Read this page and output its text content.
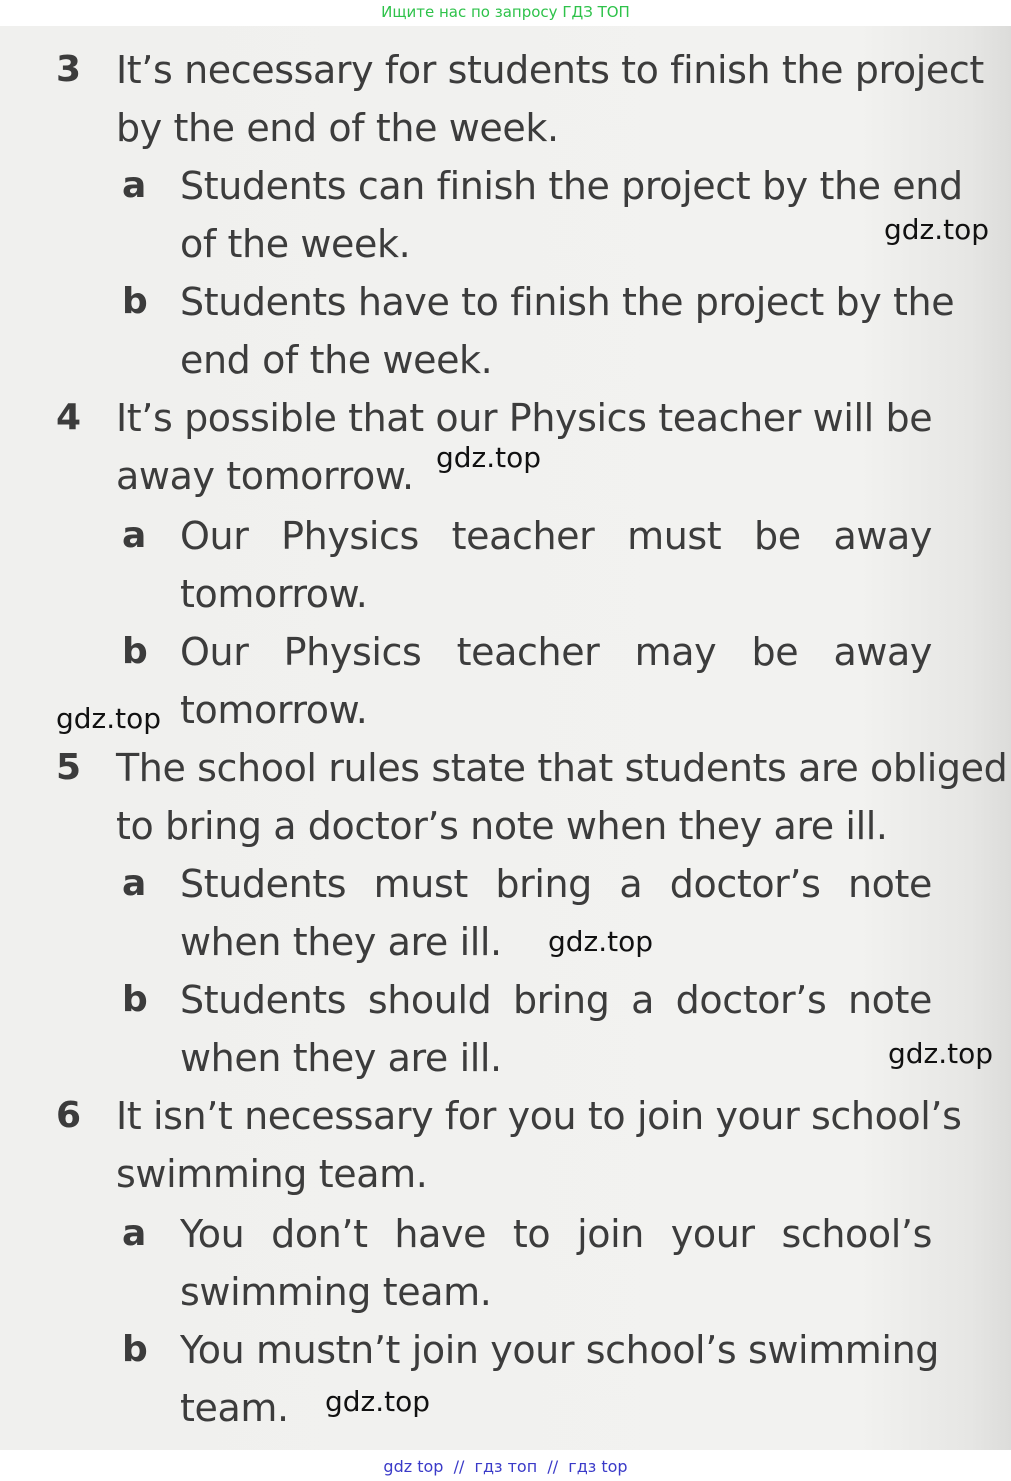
Ищите нас по запросу ГДЗ ТОП
3 It’s necessary for students to finish the project
by the end of the week.
a Students can finish the project by the end
of the week.
b Students have to finish the project by the
end of the week.
4 It’s possible that our Physics teacher will be
away tomorrow.
a Our Physics teacher must be away
tomorrow.
b Our Physics teacher may be away
tomorrow.
5 The school rules state that students are obliged
to bring a doctor’s note when they are ill.
a Students must bring a doctor’s note
when they are ill.
b Students should bring a doctor’s note
when they are ill.
6 It isn’t necessary for you to join your school’s
swimming team.
a You don’t have to join your school’s
swimming team.
b You mustn’t join your school’s swimming
team.
gdz.top
gdz.top
gdz.top
gdz.top
gdz.top
gdz.top
gdz top  //  гдз топ  //  гдз top
